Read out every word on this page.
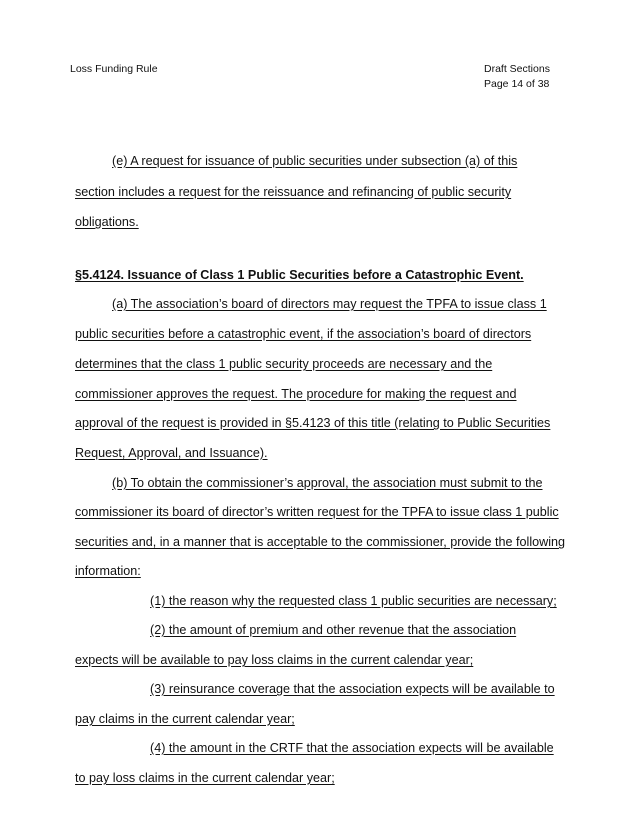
Loss Funding Rule	Draft Sections
Page 14 of 38
(e) A request for issuance of public securities under subsection (a) of this
section includes a request for the reissuance and refinancing of public security
obligations.
§5.4124. Issuance of Class 1 Public Securities before a Catastrophic Event.
(a) The association’s board of directors may request the TPFA to issue class 1
public securities before a catastrophic event, if the association’s board of directors
determines that the class 1 public security proceeds are necessary and the
commissioner approves the request. The procedure for making the request and
approval of the request is provided in §5.4123 of this title (relating to Public Securities
Request, Approval, and Issuance).
(b) To obtain the commissioner’s approval, the association must submit to the
commissioner its board of director’s written request for the TPFA to issue class 1 public
securities and, in a manner that is acceptable to the commissioner, provide the following
information:
(1) the reason why the requested class 1 public securities are necessary;
(2) the amount of premium and other revenue that the association
expects will be available to pay loss claims in the current calendar year;
(3) reinsurance coverage that the association expects will be available to
pay claims in the current calendar year;
(4) the amount in the CRTF that the association expects will be available
to pay loss claims in the current calendar year;
